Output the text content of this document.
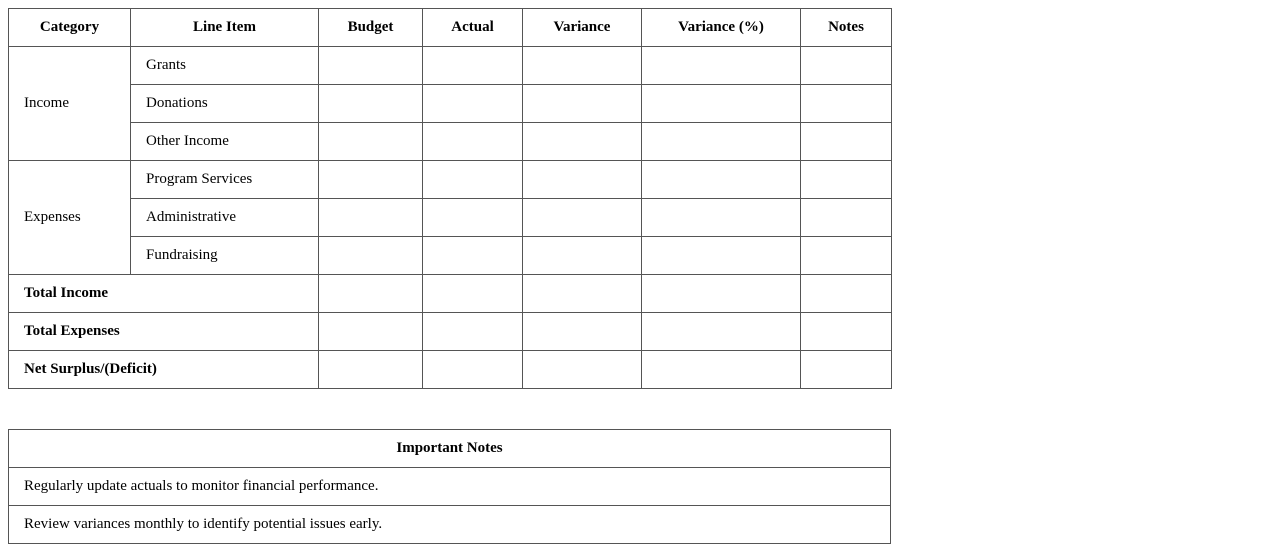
Category	Line Item	Budget	Actual	Variance	Variance (%)	Notes
Income	Grants					
	Donations					
	Other Income					
Expenses	Program Services					
	Administrative					
	Fundraising					
Total Income						
Total Expenses						
Net Surplus/(Deficit)						
Important Notes
Regularly update actuals to monitor financial performance.
Review variances monthly to identify potential issues early.
